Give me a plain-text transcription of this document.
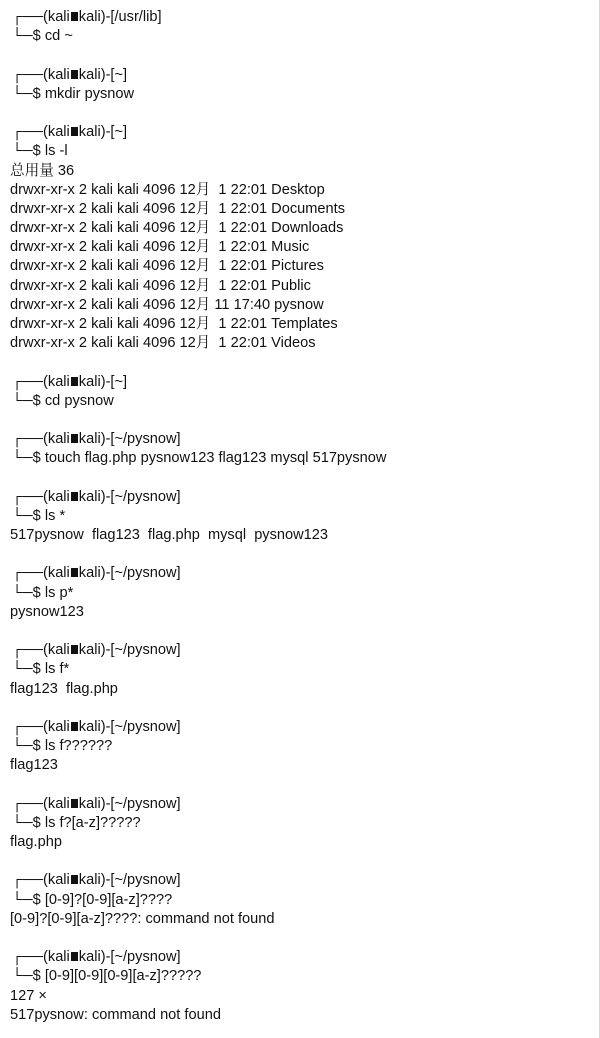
┌──(kali kali)-[/usr/lib]
└─$ cd ~
┌──(kali kali)-[~]
└─$ mkdir pysnow
┌──(kali kali)-[~]
└─$ ls -l
总用量 36
drwxr-xr-x 2 kali kali 4096 12月  1 22:01 Desktop
drwxr-xr-x 2 kali kali 4096 12月  1 22:01 Documents
drwxr-xr-x 2 kali kali 4096 12月  1 22:01 Downloads
drwxr-xr-x 2 kali kali 4096 12月  1 22:01 Music
drwxr-xr-x 2 kali kali 4096 12月  1 22:01 Pictures
drwxr-xr-x 2 kali kali 4096 12月  1 22:01 Public
drwxr-xr-x 2 kali kali 4096 12月 11 17:40 pysnow
drwxr-xr-x 2 kali kali 4096 12月  1 22:01 Templates
drwxr-xr-x 2 kali kali 4096 12月  1 22:01 Videos
┌──(kali kali)-[~]
└─$ cd pysnow
┌──(kali kali)-[~/pysnow]
└─$ touch flag.php pysnow123 flag123 mysql 517pysnow
┌──(kali kali)-[~/pysnow]
└─$ ls *
517pysnow  flag123  flag.php  mysql  pysnow123
┌──(kali kali)-[~/pysnow]
└─$ ls p*
pysnow123
┌──(kali kali)-[~/pysnow]
└─$ ls f*
flag123  flag.php
┌──(kali kali)-[~/pysnow]
└─$ ls f??????
flag123
┌──(kali kali)-[~/pysnow]
└─$ ls f?[a-z]?????
flag.php
┌──(kali kali)-[~/pysnow]
└─$ [0-9]?[0-9][a-z]????
[0-9]?[0-9][a-z]????: command not found
┌──(kali kali)-[~/pysnow]
└─$ [0-9][0-9][0-9][a-z]?????
127 ×
517pysnow: command not found
